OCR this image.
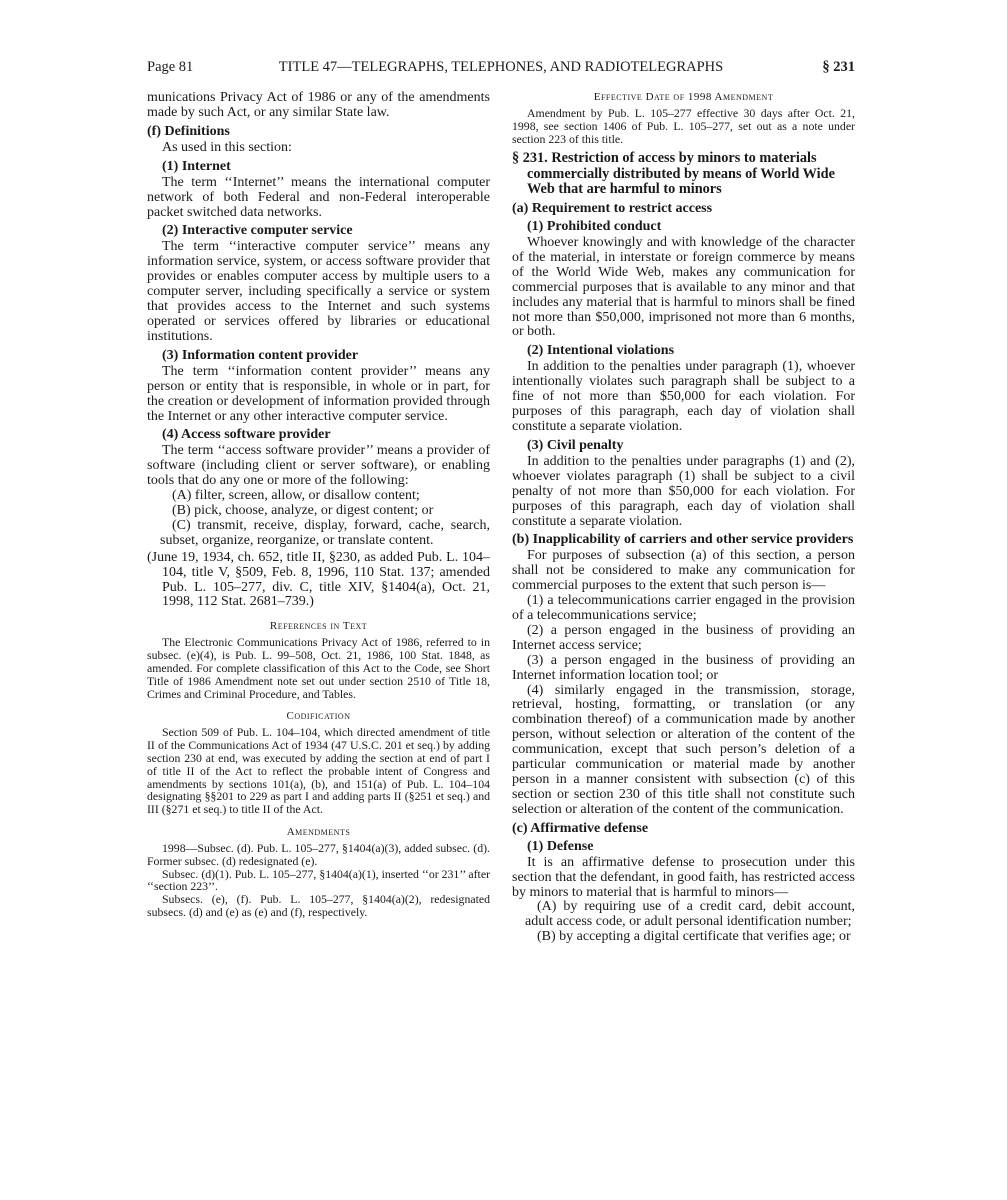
Page 81	TITLE 47—TELEGRAPHS, TELEPHONES, AND RADIOTELEGRAPHS	§ 231

munications Privacy Act of 1986 or any of the amendments made by such Act, or any similar State law.

(f) Definitions

As used in this section:

(1) Internet

The term ‘‘Internet’’ means the international computer network of both Federal and non-Federal interoperable packet switched data networks.

(2) Interactive computer service

The term ‘‘interactive computer service’’ means any information service, system, or access software provider that provides or enables computer access by multiple users to a computer server, including specifically a service or system that provides access to the Internet and such systems operated or services offered by libraries or educational institutions.

(3) Information content provider

The term ‘‘information content provider’’ means any person or entity that is responsible, in whole or in part, for the creation or development of information provided through the Internet or any other interactive computer service.

(4) Access software provider

The term ‘‘access software provider’’ means a provider of software (including client or server software), or enabling tools that do any one or more of the following:

(A) filter, screen, allow, or disallow content;

(B) pick, choose, analyze, or digest content; or

(C) transmit, receive, display, forward, cache, search, subset, organize, reorganize, or translate content.

(June 19, 1934, ch. 652, title II, §230, as added Pub. L. 104–104, title V, §509, Feb. 8, 1996, 110 Stat. 137; amended Pub. L. 105–277, div. C, title XIV, §1404(a), Oct. 21, 1998, 112 Stat. 2681–739.)

References in Text

The Electronic Communications Privacy Act of 1986, referred to in subsec. (e)(4), is Pub. L. 99–508, Oct. 21, 1986, 100 Stat. 1848, as amended. For complete classification of this Act to the Code, see Short Title of 1986 Amendment note set out under section 2510 of Title 18, Crimes and Criminal Procedure, and Tables.

Codification

Section 509 of Pub. L. 104–104, which directed amendment of title II of the Communications Act of 1934 (47 U.S.C. 201 et seq.) by adding section 230 at end, was executed by adding the section at end of part I of title II of the Act to reflect the probable intent of Congress and amendments by sections 101(a), (b), and 151(a) of Pub. L. 104–104 designating §§201 to 229 as part I and adding parts II (§251 et seq.) and III (§271 et seq.) to title II of the Act.

Amendments

1998—Subsec. (d). Pub. L. 105–277, §1404(a)(3), added subsec. (d). Former subsec. (d) redesignated (e).

Subsec. (d)(1). Pub. L. 105–277, §1404(a)(1), inserted ‘‘or 231’’ after ‘‘section 223’’.

Subsecs. (e), (f). Pub. L. 105–277, §1404(a)(2), redesignated subsecs. (d) and (e) as (e) and (f), respectively.

Effective Date of 1998 Amendment

Amendment by Pub. L. 105–277 effective 30 days after Oct. 21, 1998, see section 1406 of Pub. L. 105–277, set out as a note under section 223 of this title.

§ 231. Restriction of access by minors to materials commercially distributed by means of World Wide Web that are harmful to minors
(a) Requirement to restrict access
(1) Prohibited conduct

Whoever knowingly and with knowledge of the character of the material, in interstate or foreign commerce by means of the World Wide Web, makes any communication for commercial purposes that is available to any minor and that includes any material that is harmful to minors shall be fined not more than $50,000, imprisoned not more than 6 months, or both.

(2) Intentional violations

In addition to the penalties under paragraph (1), whoever intentionally violates such paragraph shall be subject to a fine of not more than $50,000 for each violation. For purposes of this paragraph, each day of violation shall constitute a separate violation.

(3) Civil penalty

In addition to the penalties under paragraphs (1) and (2), whoever violates paragraph (1) shall be subject to a civil penalty of not more than $50,000 for each violation. For purposes of this paragraph, each day of violation shall constitute a separate violation.

(b) Inapplicability of carriers and other service providers

For purposes of subsection (a) of this section, a person shall not be considered to make any communication for commercial purposes to the extent that such person is—

(1) a telecommunications carrier engaged in the provision of a telecommunications service;

(2) a person engaged in the business of providing an Internet access service;

(3) a person engaged in the business of providing an Internet information location tool; or

(4) similarly engaged in the transmission, storage, retrieval, hosting, formatting, or translation (or any combination thereof) of a communication made by another person, without selection or alteration of the content of the communication, except that such person’s deletion of a particular communication or material made by another person in a manner consistent with subsection (c) of this section or section 230 of this title shall not constitute such selection or alteration of the content of the communication.

(c) Affirmative defense
(1) Defense

It is an affirmative defense to prosecution under this section that the defendant, in good faith, has restricted access by minors to material that is harmful to minors—

(A) by requiring use of a credit card, debit account, adult access code, or adult personal identification number;

(B) by accepting a digital certificate that verifies age; or
